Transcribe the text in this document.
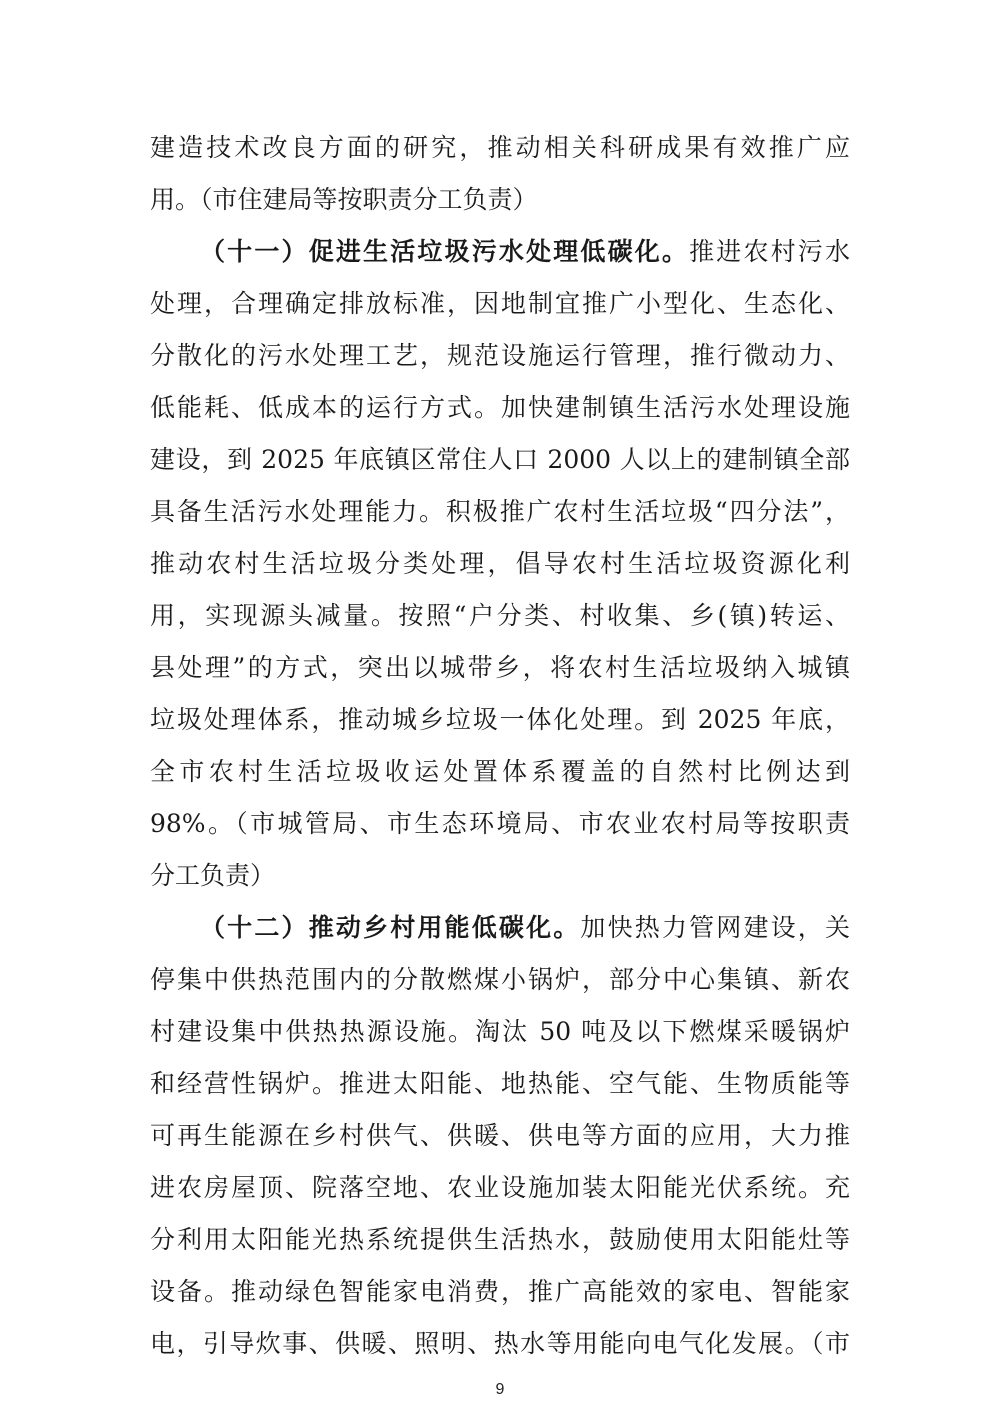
建造技术改良方面的研究，推动相关科研成果有效推广应
用。（市住建局等按职责分工负责）
（十一）促进生活垃圾污水处理低碳化。推进农村污水
处理，合理确定排放标准，因地制宜推广小型化、生态化、
分散化的污水处理工艺，规范设施运行管理，推行微动力、
低能耗、低成本的运行方式。加快建制镇生活污水处理设施
建设，到 2025 年底镇区常住人口 2000 人以上的建制镇全部
具备生活污水处理能力。积极推广农村生活垃圾“四分法”，
推动农村生活垃圾分类处理，倡导农村生活垃圾资源化利
用，实现源头减量。按照“户分类、村收集、乡(镇)转运、
县处理”的方式，突出以城带乡，将农村生活垃圾纳入城镇
垃圾处理体系，推动城乡垃圾一体化处理。到 2025 年底，
全市农村生活垃圾收运处置体系覆盖的自然村比例达到
98%。（市城管局、市生态环境局、市农业农村局等按职责
分工负责）
（十二）推动乡村用能低碳化。加快热力管网建设，关
停集中供热范围内的分散燃煤小锅炉，部分中心集镇、新农
村建设集中供热热源设施。淘汰 50 吨及以下燃煤采暖锅炉
和经营性锅炉。推进太阳能、地热能、空气能、生物质能等
可再生能源在乡村供气、供暖、供电等方面的应用，大力推
进农房屋顶、院落空地、农业设施加装太阳能光伏系统。充
分利用太阳能光热系统提供生活热水，鼓励使用太阳能灶等
设备。推动绿色智能家电消费，推广高能效的家电、智能家
电，引导炊事、供暖、照明、热水等用能向电气化发展。（市
9
